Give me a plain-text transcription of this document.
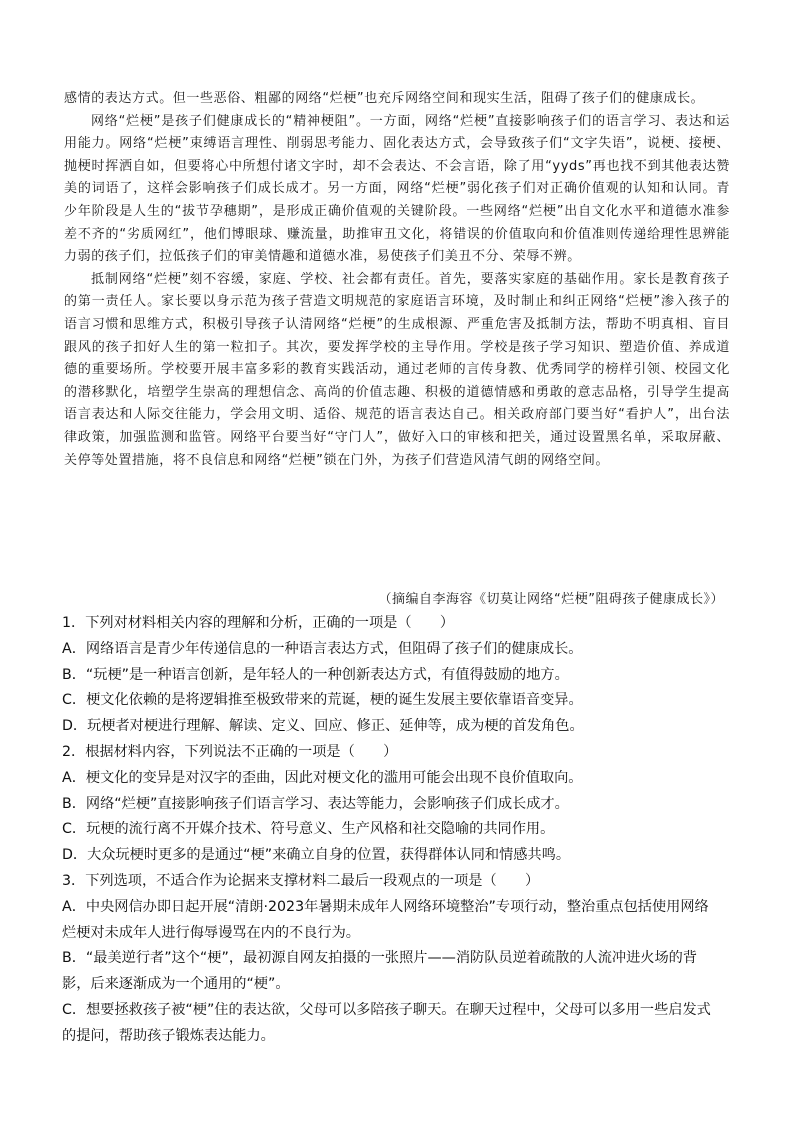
感情的表达方式。但一些恶俗、粗鄙的网络“烂梗”也充斥网络空间和现实生活，阻碍了孩子们的健康成长。

网络“烂梗”是孩子们健康成长的“精神梗阻”。一方面，网络“烂梗”直接影响孩子们的语言学习、表达和运用能力。网络“烂梗”束缚语言理性、削弱思考能力、固化表达方式，会导致孩子们“文字失语”，说梗、接梗、抛梗时挥洒自如，但要将心中所想付诸文字时，却不会表达、不会言语，除了用“yyds”再也找不到其他表达赞美的词语了，这样会影响孩子们成长成才。另一方面，网络“烂梗”弱化孩子们对正确价值观的认知和认同。青少年阶段是人生的“拔节孕穗期”，是形成正确价值观的关键阶段。一些网络“烂梗”出自文化水平和道德水准参差不齐的“劣质网红”，他们博眼球、赚流量，助推审丑文化，将错误的价值取向和价值准则传递给理性思辨能力弱的孩子们，拉低孩子们的审美情趣和道德水准，易使孩子们美丑不分、荣辱不辨。

抵制网络“烂梗”刻不容缓，家庭、学校、社会都有责任。首先，要落实家庭的基础作用。家长是教育孩子的第一责任人。家长要以身示范为孩子营造文明规范的家庭语言环境，及时制止和纠正网络“烂梗”渗入孩子的语言习惯和思维方式，积极引导孩子认清网络“烂梗”的生成根源、严重危害及抵制方法，帮助不明真相、盲目跟风的孩子扣好人生的第一粒扣子。其次，要发挥学校的主导作用。学校是孩子学习知识、塑造价值、养成道德的重要场所。学校要开展丰富多彩的教育实践活动，通过老师的言传身教、优秀同学的榜样引领、校园文化的潜移默化，培塑学生崇高的理想信念、高尚的价值志趣、积极的道德情感和勇敢的意志品格，引导学生提高语言表达和人际交往能力，学会用文明、适俗、规范的语言表达自己。相关政府部门要当好“看护人”，出台法律政策，加强监测和监管。网络平台要当好“守门人”，做好入口的审核和把关，通过设置黑名单，采取屏蔽、关停等处置措施，将不良信息和网络“烂梗”锁在门外，为孩子们营造风清气朗的网络空间。

（摘编自李海容《切莫让网络“烂梗”阻碍孩子健康成长》）

1．下列对材料相关内容的理解和分析，正确的一项是（　　）

A．网络语言是青少年传递信息的一种语言表达方式，但阻碍了孩子们的健康成长。

B．“玩梗”是一种语言创新，是年轻人的一种创新表达方式，有值得鼓励的地方。

C．梗文化依赖的是将逻辑推至极致带来的荒诞，梗的诞生发展主要依靠语音变异。

D．玩梗者对梗进行理解、解读、定义、回应、修正、延伸等，成为梗的首发角色。

2．根据材料内容，下列说法不正确的一项是（　　）

A．梗文化的变异是对汉字的歪曲，因此对梗文化的滥用可能会出现不良价值取向。

B．网络“烂梗”直接影响孩子们语言学习、表达等能力，会影响孩子们成长成才。

C．玩梗的流行离不开媒介技术、符号意义、生产风格和社交隐喻的共同作用。

D．大众玩梗时更多的是通过“梗”来确立自身的位置，获得群体认同和情感共鸣。

3．下列选项，不适合作为论据来支撑材料二最后一段观点的一项是（　　）

A．中央网信办即日起开展“清朗·2023年暑期未成年人网络环境整治”专项行动，整治重点包括使用网络

烂梗对未成年人进行侮辱谩骂在内的不良行为。

B．“最美逆行者”这个“梗”，最初源自网友拍摄的一张照片——消防队员逆着疏散的人流冲进火场的背

影，后来逐渐成为一个通用的“梗”。

C．想要拯救孩子被“梗”住的表达欲，父母可以多陪孩子聊天。在聊天过程中，父母可以多用一些启发式

的提问，帮助孩子锻炼表达能力。
